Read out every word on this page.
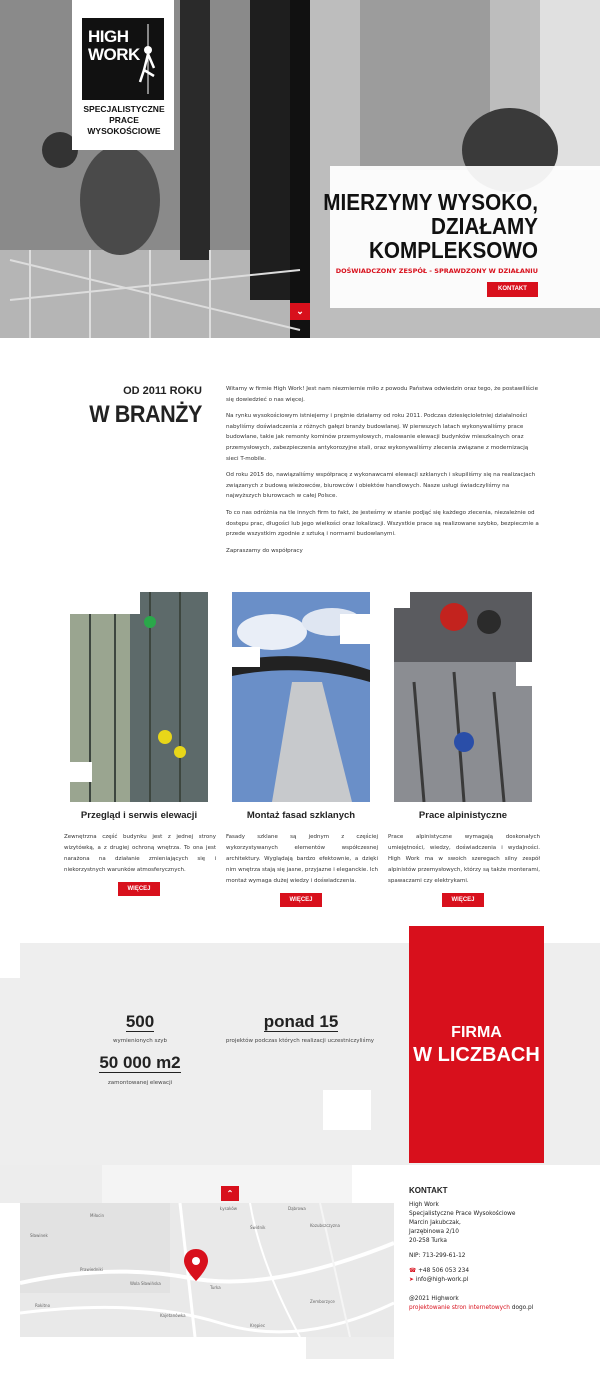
HIGH
WORK
SPECJALISTYCZNE PRACE WYSOKOŚCIOWE
MIERZYMY WYSOKO,
DZIAŁAMY
KOMPLEKSOWO
DOŚWIADCZONY ZESPÓŁ - SPRAWDZONY W DZIAŁANIU
KONTAKT
⌄
OD 2011 ROKU
W BRANŻY

Witamy w firmie High Work! Jest nam niezmiernie miło z powodu Państwa odwiedzin oraz tego, że postawiliście się dowiedzieć o nas więcej.

Na rynku wysokościowym istniejemy i prężnie działamy od roku 2011. Podczas dziesięcioletniej działalności nabyliśmy doświadczenia z różnych gałęzi branży budowlanej. W pierwszych latach wykonywaliśmy prace budowlane, takie jak remonty kominów przemysłowych, malowanie elewacji budynków mieszkalnych oraz przemysłowych, zabezpieczenia antykorozyjne stali, oraz wykonywaliśmy zlecenia związane z modernizacją sieci T-mobile.

Od roku 2015 do, nawiązaliśmy współpracę z wykonawcami elewacji szklanych i skupiliśmy się na realizacjach związanych z budową wieżowców, biurowców i obiektów handlowych. Nasze usługi świadczyliśmy na najwyższych biurowcach w całej Polsce.

To co nas odróżnia na tle innych firm to fakt, że jesteśmy w stanie podjąć się każdego zlecenia, niezależnie od dostępu prac, długości lub jego wielkości oraz lokalizacji. Wszystkie prace są realizowane szybko, bezpiecznie a przede wszystkim zgodnie z sztuką i normami budowlanymi.

Zapraszamy do współpracy

Przegląd i serwis elewacji	Montaż fasad szklanych	Prace alpinistyczne
Zewnętrzna część budynku jest z jednej strony wizytówką, a z drugiej ochroną wnętrza. To ona jest narażona na działanie zmieniających się i niekorzystnych warunków atmosferycznych.
Fasady szklane są jednym z częściej wykorzystywanych elementów współczesnej architektury. Wyglądają bardzo efektownie, a dzięki nim wnętrza stają się jasne, przyjazne i eleganckie. Ich montaż wymaga dużej wiedzy i doświadczenia.
Prace alpinistyczne wymagają doskonałych umiejętności, wiedzy, doświadczenia i wydajności. High Work ma w swoich szeregach silny zespół alpinistów przemysłowych, którzy są także monterami, spawaczami czy elektrykami.
WIĘCEJ
WIĘCEJ	WIĘCEJ
500
wymienionych szyb
ponad 15
projektów podczas których realizacji uczestniczyliśmy
50 000 m2
zamontowanej elewacji
FIRMA
W LICZBACH
Łysaków	Dąbrowa
Kozubszczyzna
Prawiedniki
Zemborzyce
Wola Sławińska
Kajetanówka
Świdnik
Turka
Rokitno
Krępiec
Sławinek
Miłocin
⌃	KONTAKT
High Work
Specjalistyczne Prace Wysokościowe
Marcin Jakubczak,
Jarzębinowa 2/10
20-258 Turka
NIP: 713-299-61-12
☎ +48 506 053 234
➤ info@high-work.pl
@2021 Highwork
projektowanie stron internetowych dogo.pl
